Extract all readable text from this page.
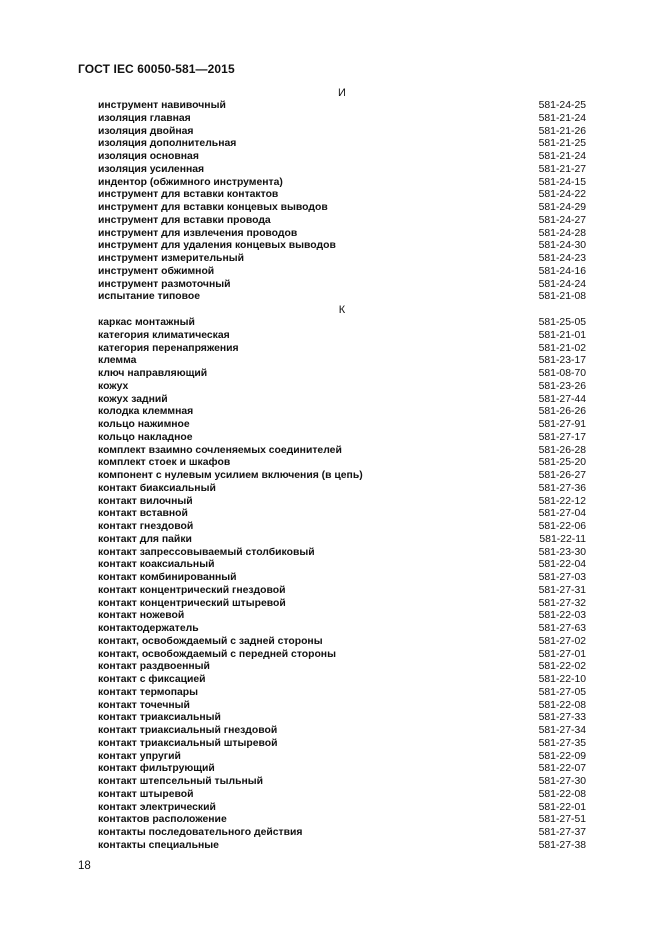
ГОСТ IEC 60050-581—2015
И
инструмент навивочный	581-24-25
изоляция главная	581-21-24
изоляция двойная	581-21-26
изоляция дополнительная	581-21-25
изоляция основная	581-21-24
изоляция усиленная	581-21-27
индентор (обжимного инструмента)	581-24-15
инструмент для вставки контактов	581-24-22
инструмент для вставки концевых выводов	581-24-29
инструмент для вставки провода	581-24-27
инструмент для извлечения проводов	581-24-28
инструмент для удаления концевых выводов	581-24-30
инструмент измерительный	581-24-23
инструмент обжимной	581-24-16
инструмент размоточный	581-24-24
испытание типовое	581-21-08
К
каркас монтажный	581-25-05
категория климатическая	581-21-01
категория перенапряжения	581-21-02
клемма	581-23-17
ключ направляющий	581-08-70
кожух	581-23-26
кожух задний	581-27-44
колодка клеммная	581-26-26
кольцо нажимное	581-27-91
кольцо накладное	581-27-17
комплект взаимно сочленяемых соединителей	581-26-28
комплект стоек и шкафов	581-25-20
компонент с нулевым усилием включения (в цепь)	581-26-27
контакт биаксиальный	581-27-36
контакт вилочный	581-22-12
контакт вставной	581-27-04
контакт гнездовой	581-22-06
контакт для пайки	581-22-11
контакт запрессовываемый столбиковый	581-23-30
контакт коаксиальный	581-22-04
контакт комбинированный	581-27-03
контакт концентрический гнездовой	581-27-31
контакт концентрический штыревой	581-27-32
контакт ножевой	581-22-03
контактодержатель	581-27-63
контакт, освобождаемый с задней стороны	581-27-02
контакт, освобождаемый с передней стороны	581-27-01
контакт раздвоенный	581-22-02
контакт с фиксацией	581-22-10
контакт термопары	581-27-05
контакт точечный	581-22-08
контакт триаксиальный	581-27-33
контакт триаксиальный гнездовой	581-27-34
контакт триаксиальный штыревой	581-27-35
контакт упругий	581-22-09
контакт фильтрующий	581-22-07
контакт штепсельный тыльный	581-27-30
контакт штыревой	581-22-08
контакт электрический	581-22-01
контактов расположение	581-27-51
контакты последовательного действия	581-27-37
контакты специальные	581-27-38
18
